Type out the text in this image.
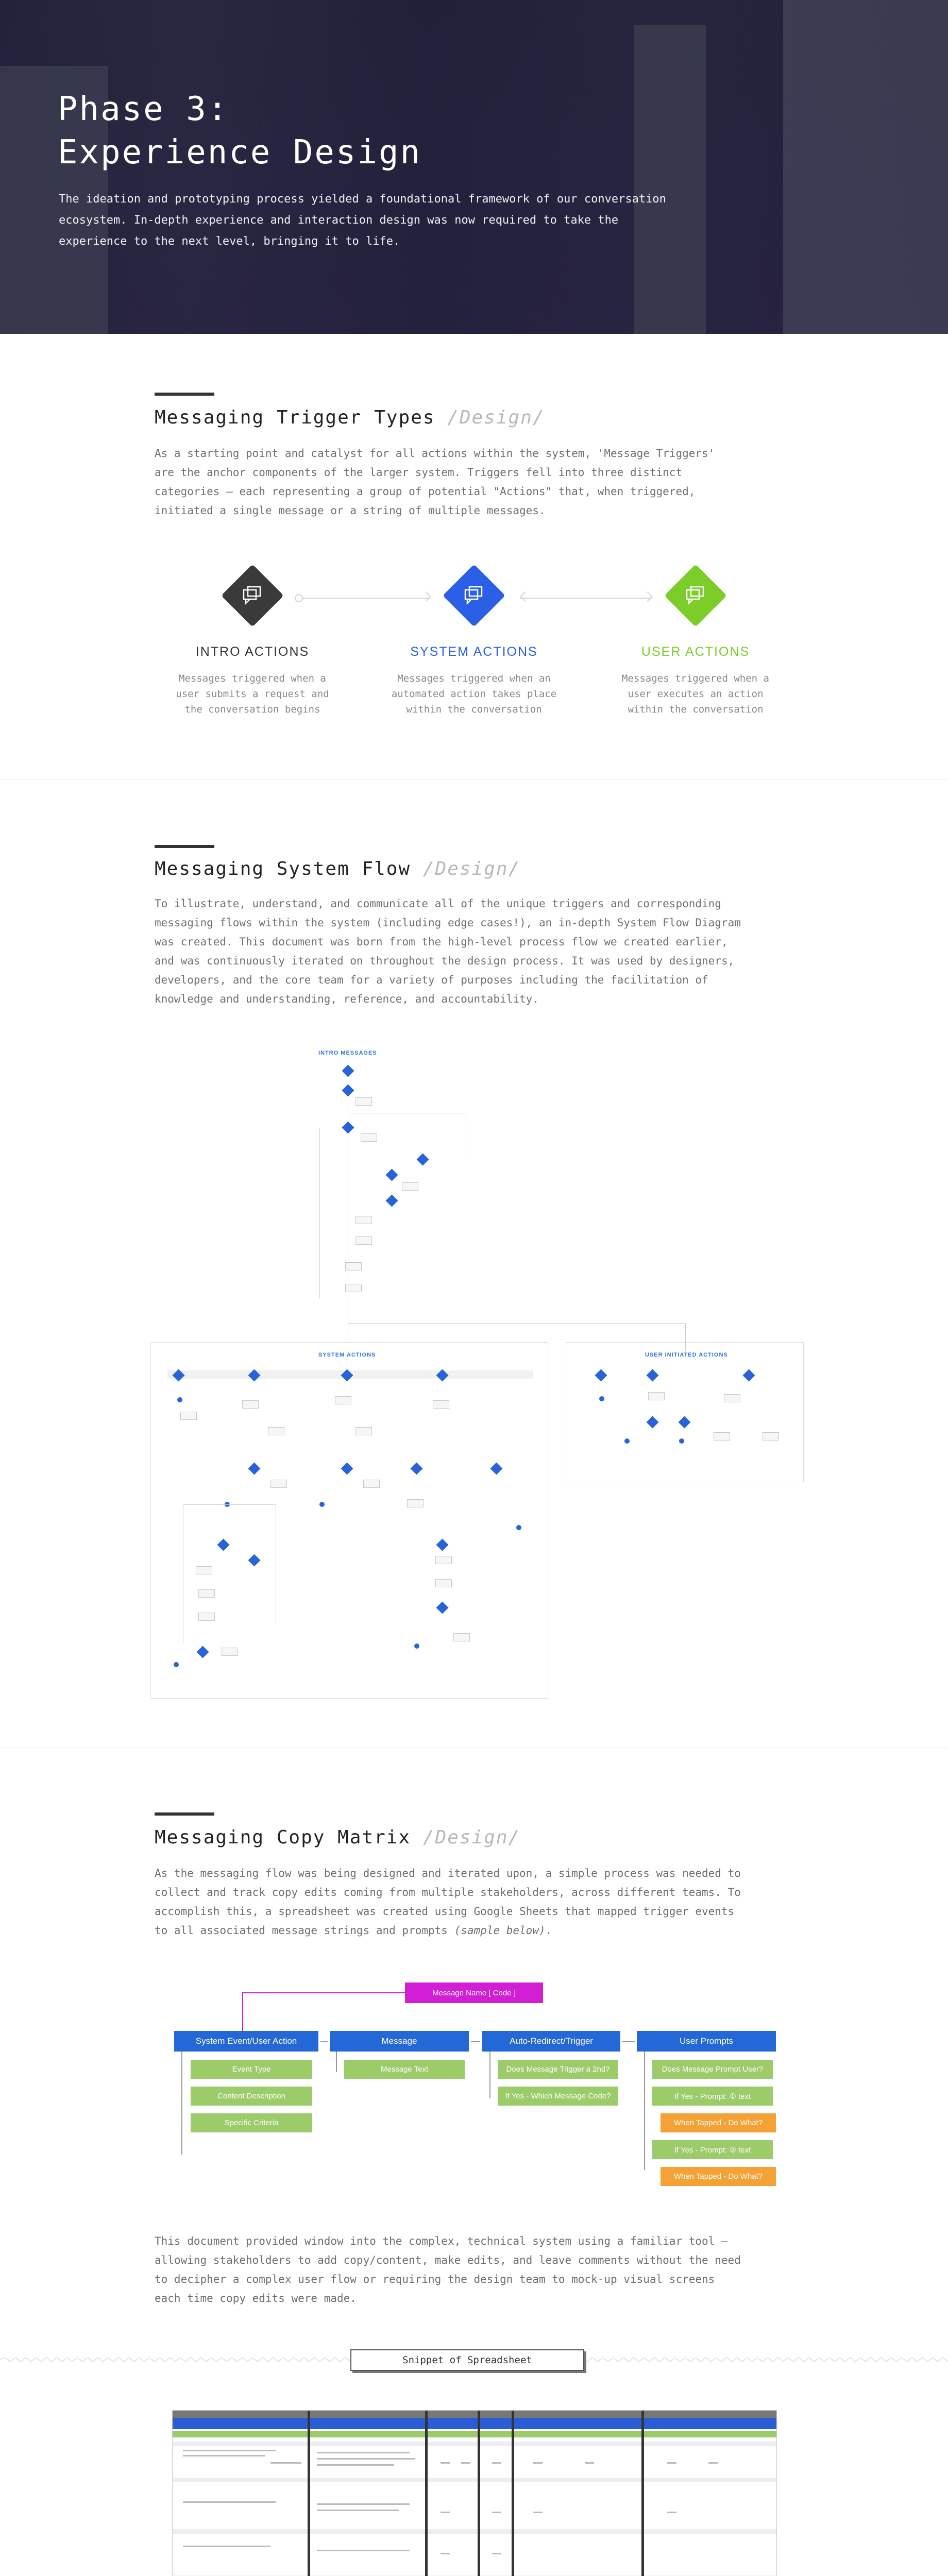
Phase 3:
Experience Design

The ideation and prototyping process yielded a foundational framework of our conversation ecosystem. In-depth experience and interaction design was now required to take the experience to the next level, bringing it to life.

Messaging Trigger Types /Design/

As a starting point and catalyst for all actions within the system, 'Message Triggers' are the anchor components of the larger system. Triggers fell into three distinct categories – each representing a group of potential "Actions" that, when triggered, initiated a single message or a string of multiple messages.

INTRO ACTIONS
Messages triggered when a user submits a request and the conversation begins
SYSTEM ACTIONS
Messages triggered when an automated action takes place within the conversation
USER ACTIONS
Messages triggered when a user executes an action within the conversation
Messaging System Flow /Design/

To illustrate, understand, and communicate all of the unique triggers and corresponding messaging flows within the system (including edge cases!), an in-depth System Flow Diagram was created. This document was born from the high-level process flow we created earlier, and was continuously iterated on throughout the design process. It was used by designers, developers, and the core team for a variety of purposes including the facilitation of knowledge and understanding, reference, and accountability.

INTRO MESSAGES
SYSTEM ACTIONS	USER INITIATED ACTIONS
Messaging Copy Matrix /Design/

As the messaging flow was being designed and iterated upon, a simple process was needed to collect and track copy edits coming from multiple stakeholders, across different teams. To accomplish this, a spreadsheet was created using Google Sheets that mapped trigger events to all associated message strings and prompts (sample below).

Message Name [ Code ]
System Event/User Action	Message	Auto-Redirect/Trigger	User Prompts
Event Type
Content Description
Specific Criteria
Message Text	Does Message Trigger a 2nd?
If Yes - Which Message Code?
Does Message Prompt User?
If Yes - Prompt: ① text
When Tapped - Do What?
If Yes - Prompt: ② text
When Tapped - Do What?

This document provided window into the complex, technical system using a familiar tool – allowing stakeholders to add copy/content, make edits, and leave comments without the need to decipher a complex user flow or requiring the design team to mock-up visual screens each time copy edits were made.

Snippet of Spreadsheet
